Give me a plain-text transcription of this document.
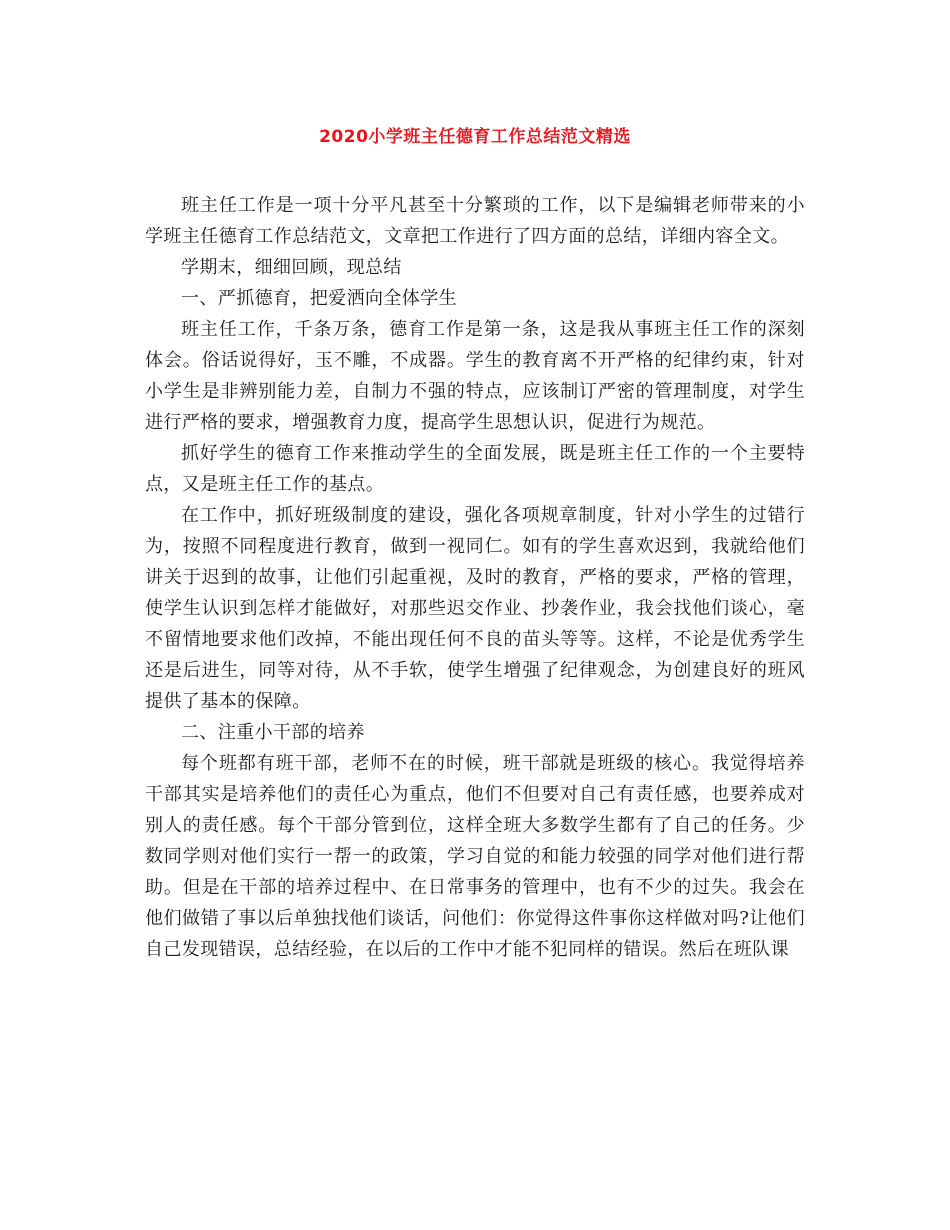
2020小学班主任德育工作总结范文精选

班主任工作是一项十分平凡甚至十分繁琐的工作，以下是编辑老师带来的小学班主任德育工作总结范文，文章把工作进行了四方面的总结，详细内容全文。

学期末，细细回顾，现总结

一、严抓德育，把爱洒向全体学生

班主任工作，千条万条，德育工作是第一条，这是我从事班主任工作的深刻体会。俗话说得好，玉不雕，不成器。学生的教育离不开严格的纪律约束，针对小学生是非辨别能力差，自制力不强的特点，应该制订严密的管理制度，对学生进行严格的要求，增强教育力度，提高学生思想认识，促进行为规范。

抓好学生的德育工作来推动学生的全面发展，既是班主任工作的一个主要特点，又是班主任工作的基点。

在工作中，抓好班级制度的建设，强化各项规章制度，针对小学生的过错行为，按照不同程度进行教育，做到一视同仁。如有的学生喜欢迟到，我就给他们讲关于迟到的故事，让他们引起重视，及时的教育，严格的要求，严格的管理，使学生认识到怎样才能做好，对那些迟交作业、抄袭作业，我会找他们谈心，毫不留情地要求他们改掉，不能出现任何不良的苗头等等。这样，不论是优秀学生还是后进生，同等对待，从不手软，使学生增强了纪律观念，为创建良好的班风提供了基本的保障。

二、注重小干部的培养

每个班都有班干部，老师不在的时候，班干部就是班级的核心。我觉得培养干部其实是培养他们的责任心为重点，他们不但要对自己有责任感，也要养成对别人的责任感。每个干部分管到位，这样全班大多数学生都有了自己的任务。少数同学则对他们实行一帮一的政策，学习自觉的和能力较强的同学对他们进行帮助。但是在干部的培养过程中、在日常事务的管理中，也有不少的过失。我会在他们做错了事以后单独找他们谈话，问他们：你觉得这件事你这样做对吗?让他们自己发现错误，总结经验，在以后的工作中才能不犯同样的错误。然后在班队课
